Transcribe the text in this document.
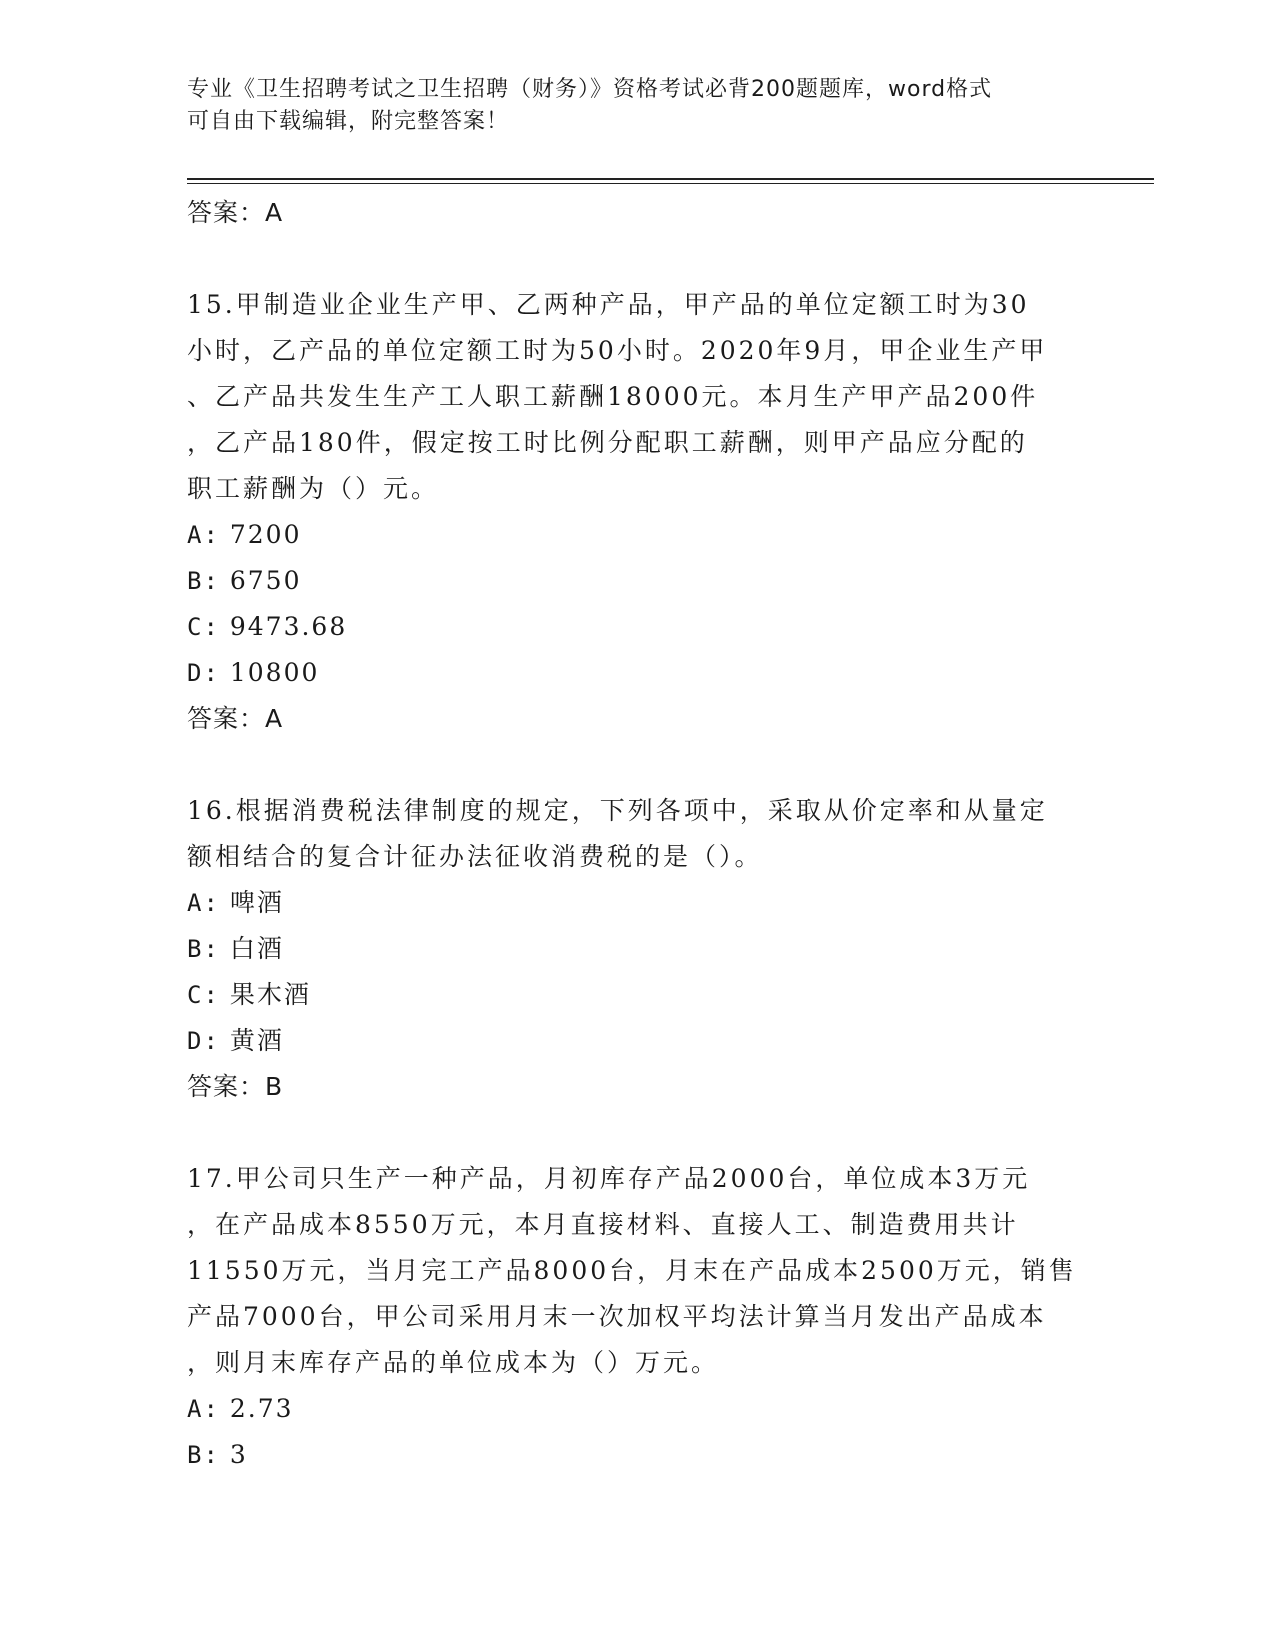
专业《卫生招聘考试之卫生招聘（财务）》资格考试必背200题题库，word格式
可自由下载编辑，附完整答案！

答案：A

15.甲制造业企业生产甲、乙两种产品，甲产品的单位定额工时为30

小时，乙产品的单位定额工时为50小时。2020年9月，甲企业生产甲

、乙产品共发生生产工人职工薪酬18000元。本月生产甲产品200件

，乙产品180件，假定按工时比例分配职工薪酬，则甲产品应分配的

职工薪酬为（）元。

A: 7200

B: 6750

C: 9473.68

D: 10800

答案：A

16.根据消费税法律制度的规定，下列各项中，采取从价定率和从量定

额相结合的复合计征办法征收消费税的是（）。

A: 啤酒

B: 白酒

C: 果木酒

D: 黄酒

答案：B

17.甲公司只生产一种产品，月初库存产品2000台，单位成本3万元

，在产品成本8550万元，本月直接材料、直接人工、制造费用共计

11550万元，当月完工产品8000台，月末在产品成本2500万元，销售

产品7000台，甲公司采用月末一次加权平均法计算当月发出产品成本

，则月末库存产品的单位成本为（）万元。

A: 2.73

B: 3
